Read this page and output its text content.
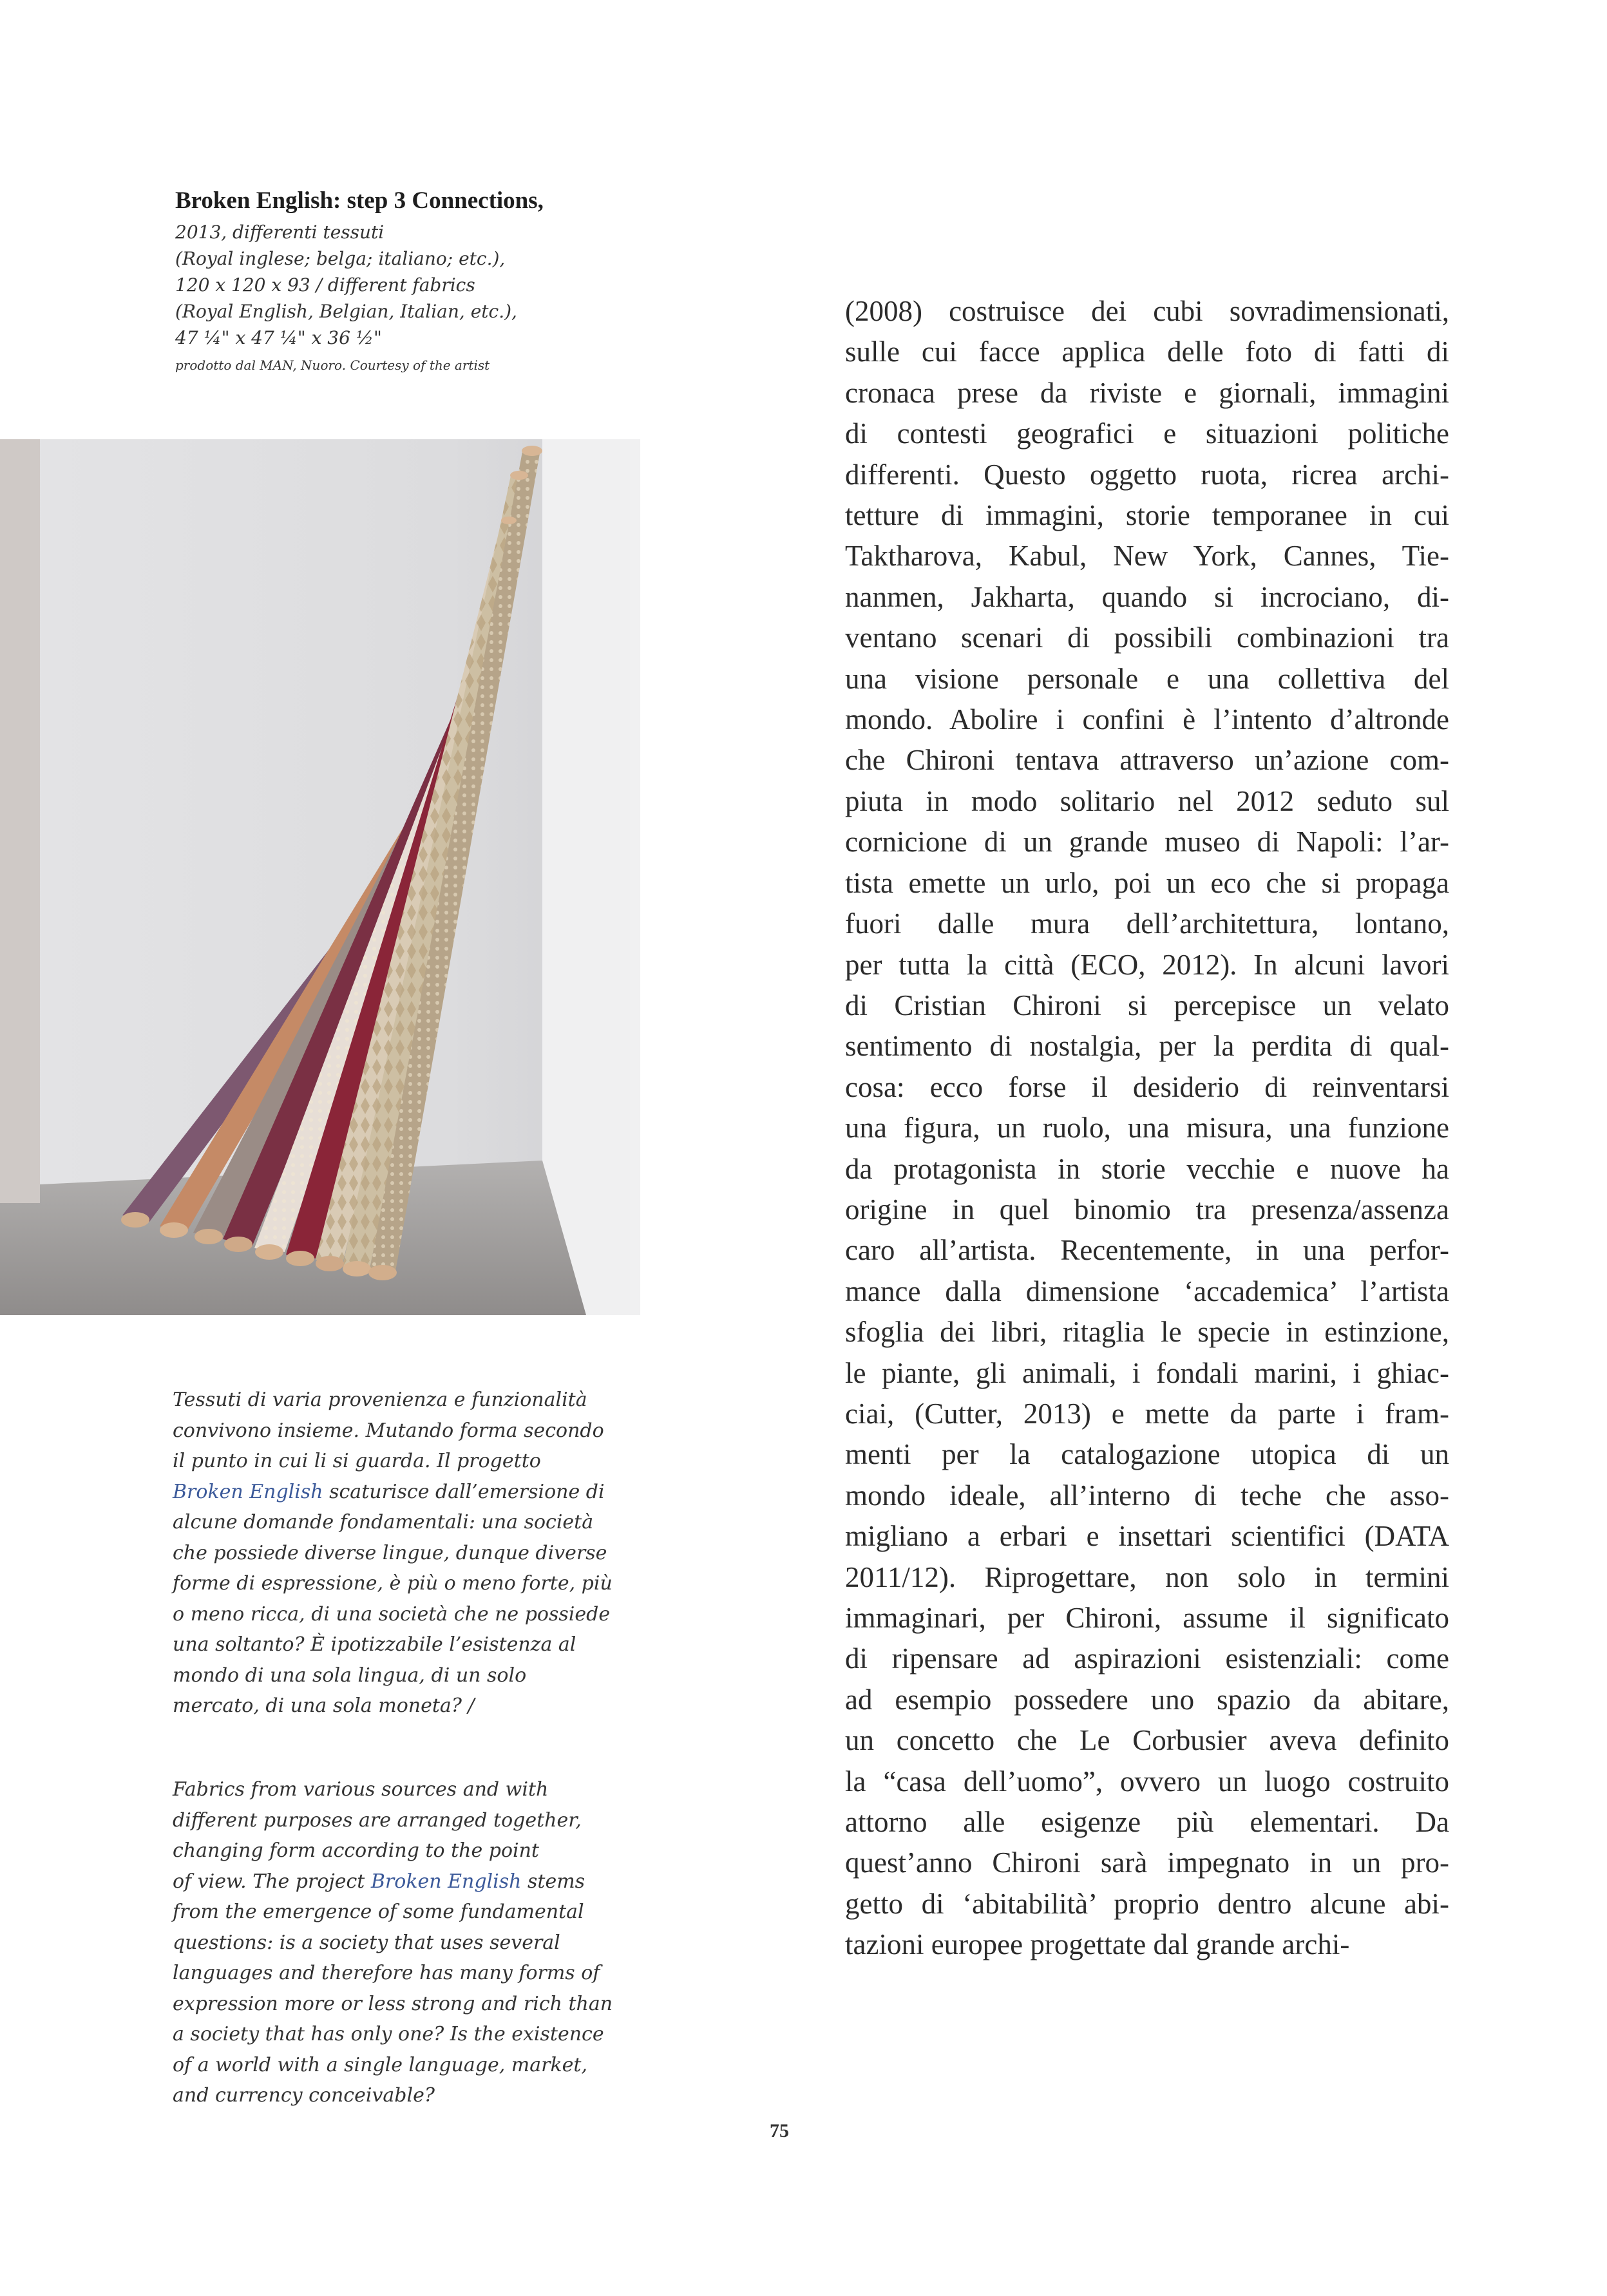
Broken English: step 3 Connections,
2013, differenti tessuti
(Royal inglese; belga; italiano; etc.),
120 x 120 x 93 / different fabrics
(Royal English, Belgian, Italian, etc.),
47 ¼" x 47 ¼" x 36 ½"
prodotto dal MAN, Nuoro. Courtesy of the artist
(2008) costruisce dei cubi sovradimensionati,
sulle cui facce applica delle foto di fatti di
cronaca prese da riviste e giornali, immagini
di contesti geografici e situazioni politiche
differenti. Questo oggetto ruota, ricrea archi-
tetture di immagini, storie temporanee in cui
Taktharova, Kabul, New York, Cannes, Tie-
nanmen, Jakharta, quando si incrociano, di-
ventano scenari di possibili combinazioni tra
una visione personale e una collettiva del
mondo. Abolire i confini è l’intento d’altronde
che Chironi tentava attraverso un’azione com-
piuta in modo solitario nel 2012 seduto sul
cornicione di un grande museo di Napoli: l’ar-
tista emette un urlo, poi un eco che si propaga
fuori dalle mura dell’architettura, lontano,
per tutta la città (ECO, 2012). In alcuni lavori
di Cristian Chironi si percepisce un velato
sentimento di nostalgia, per la perdita di qual-
cosa: ecco forse il desiderio di reinventarsi
una figura, un ruolo, una misura, una funzione
da protagonista in storie vecchie e nuove ha
origine in quel binomio tra presenza/assenza
caro all’artista. Recentemente, in una perfor-
mance dalla dimensione ‘accademica’ l’artista
sfoglia dei libri, ritaglia le specie in estinzione,
le piante, gli animali, i fondali marini, i ghiac-
ciai, (Cutter, 2013) e mette da parte i fram-
menti per la catalogazione utopica di un
mondo ideale, all’interno di teche che asso-
migliano a erbari e insettari scientifici (DATA
2011/12). Riprogettare, non solo in termini
immaginari, per Chironi, assume il significato
di ripensare ad aspirazioni esistenziali: come
ad esempio possedere uno spazio da abitare,
un concetto che Le Corbusier aveva definito
la “casa dell’uomo”, ovvero un luogo costruito
attorno alle esigenze più elementari. Da
quest’anno Chironi sarà impegnato in un pro-
getto di ‘abitabilità’ proprio dentro alcune abi-
tazioni europee progettate dal grande archi-
Tessuti di varia provenienza e funzionalità
convivono insieme. Mutando forma secondo
il punto in cui li si guarda. Il progetto
Broken English scaturisce dall’emersione di
alcune domande fondamentali: una società
che possiede diverse lingue, dunque diverse
forme di espressione, è più o meno forte, più
o meno ricca, di una società che ne possiede
una soltanto? È ipotizzabile l’esistenza al
mondo di una sola lingua, di un solo
mercato, di una sola moneta? /
Fabrics from various sources and with
different purposes are arranged together,
changing form according to the point
of view. The project Broken English stems
from the emergence of some fundamental
questions: is a society that uses several
languages and therefore has many forms of
expression more or less strong and rich than
a society that has only one? Is the existence
of a world with a single language, market,
and currency conceivable?
75
